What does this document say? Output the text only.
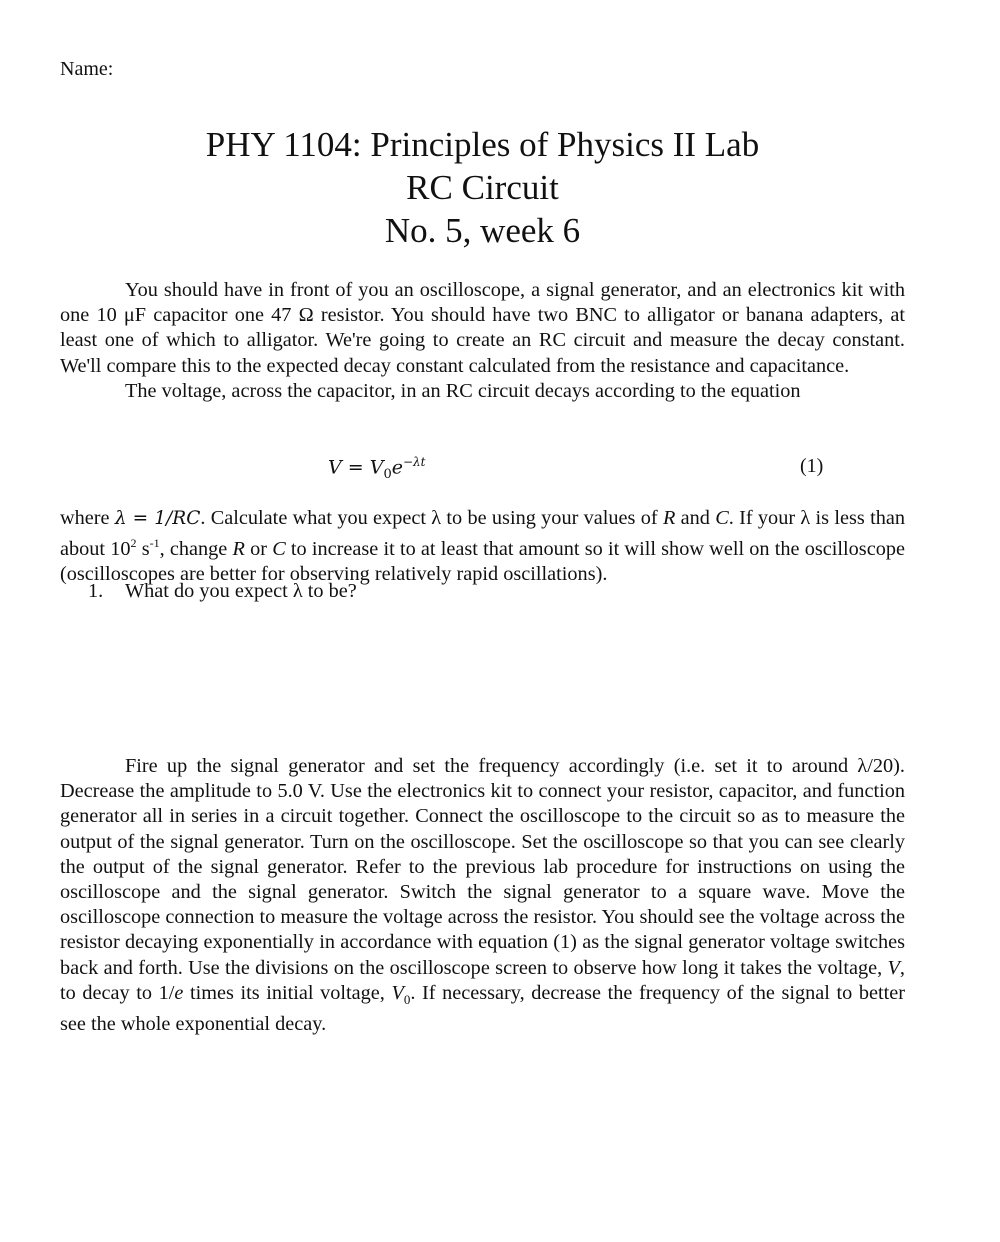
Name:
PHY 1104: Principles of Physics II Lab
RC Circuit
No. 5, week 6

You should have in front of you an oscilloscope, a signal generator, and an electronics kit with one 10 μF capacitor one 47 Ω resistor. You should have two BNC to alligator or banana adapters, at least one of which to alligator. We're going to create an RC circuit and measure the decay constant. We'll compare this to the expected decay constant calculated from the resistance and capacitance.

The voltage, across the capacitor, in an RC circuit decays according to the equation

$V = V_0e^{-\lambda t}$	(1)

where λ = 1/RC. Calculate what you expect λ to be using your values of R and C. If your λ is less than about $10^2$ $s^{-1}$, change R or C to increase it to at least that amount so it will show well on the oscilloscope (oscilloscopes are better for observing relatively rapid oscillations).

1. What do you expect λ to be?

Fire up the signal generator and set the frequency accordingly (i.e. set it to around λ/20). Decrease the amplitude to 5.0 V. Use the electronics kit to connect your resistor, capacitor, and function generator all in series in a circuit together. Connect the oscilloscope to the circuit so as to measure the output of the signal generator. Turn on the oscilloscope. Set the oscilloscope so that you can see clearly the output of the signal generator. Refer to the previous lab procedure for instructions on using the oscilloscope and the signal generator. Switch the signal generator to a square wave. Move the oscilloscope connection to measure the voltage across the resistor. You should see the voltage across the resistor decaying exponentially in accordance with equation (1) as the signal generator voltage switches back and forth. Use the divisions on the oscilloscope screen to observe how long it takes the voltage, V, to decay to 1/e times its initial voltage, $V_0$. If necessary, decrease the frequency of the signal to better see the whole exponential decay.
